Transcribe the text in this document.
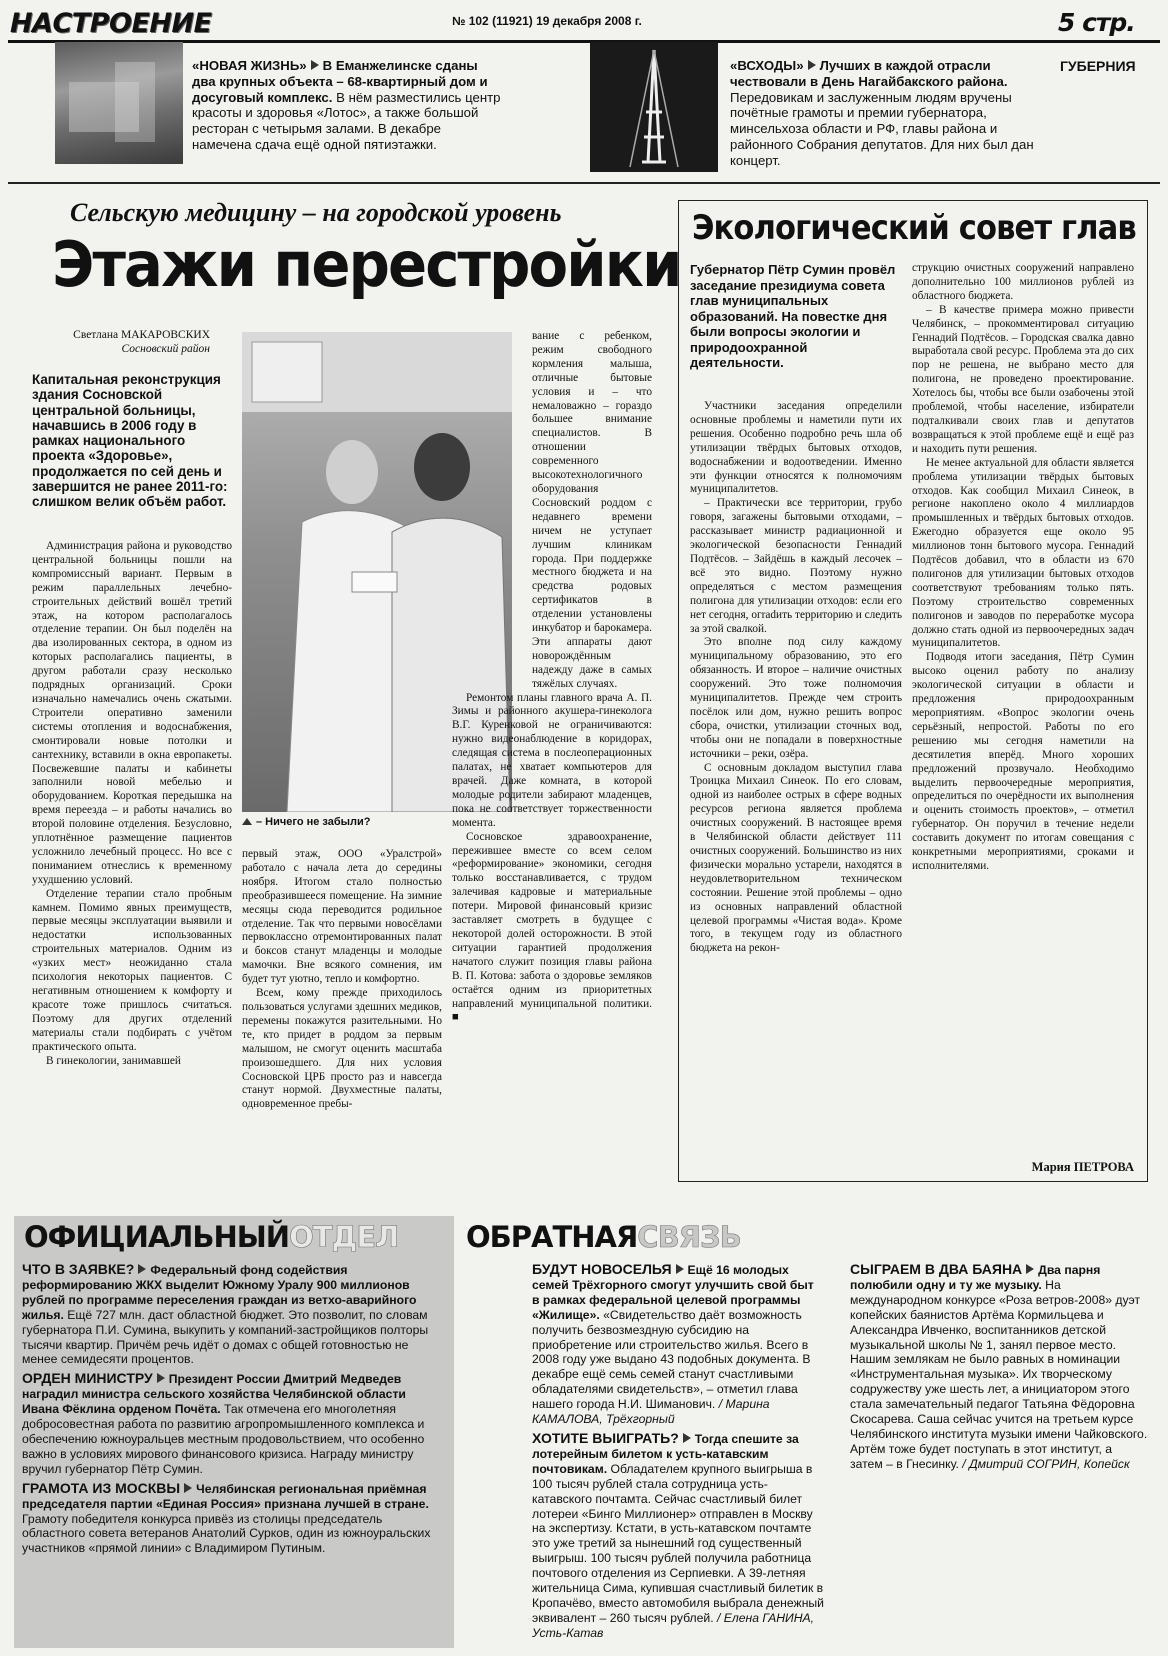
НАСТРОЕНИЕ	№ 102 (11921) 19 декабря 2008 г.	5 стр.
ГУБЕРНИЯ
«НОВАЯ ЖИЗНЬ» В Еманжелинске сданы два крупных объекта – 68-квартирный дом и досуговый комплекс. В нём разместились центр красоты и здоровья «Лотос», а также большой ресторан с четырьмя залами. В декабре намечена сдача ещё одной пятиэтажки.
«ВСХОДЫ» Лучших в каждой отрасли чествовали в День Нагайбакского района. Передовикам и заслуженным людям вручены почётные грамоты и премии губернатора, минсельхоза области и РФ, главы района и районного Собрания депутатов. Для них был дан концерт.
Сельскую медицину – на городской уровень
Этажи перестройки
Светлана МАКАРОВСКИХ
Сосновский район
Капитальная реконструкция здания Сосновской центральной больницы, начавшись в 2006 году в рамках национального проекта «Здоровье», продолжается по сей день и завершится не ранее 2011-го: слишком велик объём работ.
– Ничего не забыли?

Администрация района и руководство центральной больницы пошли на компромиссный вариант. Первым в режим параллельных лечебно-строительных действий вошёл третий этаж, на котором располагалось отделение терапии. Он был поделён на два изолированных сектора, в одном из которых располагались пациенты, в другом работали сразу несколько подрядных организаций. Сроки изначально намечались очень сжатыми. Строители оперативно заменили системы отопления и водоснабжения, смонтировали новые потолки и сантехнику, вставили в окна европакеты. Посвежевшие палаты и кабинеты заполнили новой мебелью и оборудованием. Короткая передышка на время переезда – и работы начались во второй половине отделения. Безусловно, уплотнённое размещение пациентов усложнило лечебный процесс. Но все с пониманием отнеслись к временному ухудшению условий.

Отделение терапии стало пробным камнем. Помимо явных преимуществ, первые месяцы эксплуатации выявили и недостатки использованных строительных материалов. Одним из «узких мест» неожиданно стала психология некоторых пациентов. С негативным отношением к комфорту и красоте тоже пришлось считаться. Поэтому для других отделений материалы стали подбирать с учётом практического опыта.

В гинекологии, занимавшей

первый этаж, ООО «Уралстрой» работало с начала лета до середины ноября. Итогом стало полностью преобразившееся помещение. На зимние месяцы сюда переводится родильное отделение. Так что первыми новосёлами первоклассно отремонтированных палат и боксов станут младенцы и молодые мамочки. Вне всякого сомнения, им будет тут уютно, тепло и комфортно.

Всем, кому прежде приходилось пользоваться услугами здешних медиков, перемены покажутся разительными. Но те, кто придет в роддом за первым малышом, не смогут оценить масштаба произошедшего. Для них условия Сосновской ЦРБ просто раз и навсегда станут нормой. Двухместные палаты, одновременное пребы-

вание с ребенком, режим свободного кормления малыша, отличные бытовые условия и – что немаловажно – гораздо большее внимание специалистов. В отношении современного высокотехнологичного оборудования Сосновский роддом с недавнего времени ничем не уступает лучшим клиникам города. При поддержке местного бюджета и на средства родовых сертификатов в отделении установлены инкубатор и барокамера. Эти аппараты дают новорождённым надежду даже в самых тяжёлых случаях.

Ремонтом планы главного врача А. П. Зимы и районного акушера-гинеколога В.Г. Куренковой не ограничиваются: нужно видеонаблюдение в коридорах, следящая система в послеоперационных палатах, не хватает компьютеров для врачей. Даже комната, в которой молодые родители забирают младенцев, пока не соответствует торжественности момента.

Сосновское здравоохранение, пережившее вместе со всем селом «реформирование» экономики, сегодня только восстанавливается, с трудом залечивая кадровые и материальные потери. Мировой финансовый кризис заставляет смотреть в будущее с некоторой долей осторожности. В этой ситуации гарантией продолжения начатого служит позиция главы района В. П. Котова: забота о здоровье земляков остаётся одним из приоритетных направлений муниципальной политики. ■

Экологический совет глав
Губернатор Пётр Сумин провёл заседание президиума совета глав муниципальных образований. На повестке дня были вопросы экологии и природоохранной деятельности.

Участники заседания определили основные проблемы и наметили пути их решения. Особенно подробно речь шла об утилизации твёрдых бытовых отходов, водоснабжении и водоотведении. Именно эти функции относятся к полномочиям муниципалитетов.

– Практически все территории, грубо говоря, загажены бытовыми отходами, – рассказывает министр радиационной и экологической безопасности Геннадий Подтёсов. – Зайдёшь в каждый лесочек – всё это видно. Поэтому нужно определяться с местом размещения полигона для утилизации отходов: если его нет сегодня, огradить территорию и следить за этой свалкой.

Это вполне под силу каждому муниципальному образованию, это его обязанность. И второе – наличие очистных сооружений. Это тоже полномочия муниципалитетов. Прежде чем строить посёлок или дом, нужно решить вопрос сбора, очистки, утилизации сточных вод, чтобы они не попадали в поверхностные источники – реки, озёра.

С основным докладом выступил глава Троицка Михаил Синеок. По его словам, одной из наиболее острых в сфере водных ресурсов региона является проблема очистных сооружений. В настоящее время в Челябинской области действует 111 очистных сооружений. Большинство из них физически морально устарели, находятся в неудовлетворительном техническом состоянии. Решение этой проблемы – одно из основных направлений областной целевой программы «Чистая вода». Кроме того, в текущем году из областного бюджета на рекон-

струкцию очистных сооружений направлено дополнительно 100 миллионов рублей из областного бюджета.

– В качестве примера можно привести Челябинск, – прокомментировал ситуацию Геннадий Подтёсов. – Городская свалка давно выработала свой ресурс. Проблема эта до сих пор не решена, не выбрано место для полигона, не проведено проектирование. Хотелось бы, чтобы все были озабочены этой проблемой, чтобы население, избиратели подталкивали своих глав и депутатов возвращаться к этой проблеме ещё и ещё раз и находить пути решения.

Не менее актуальной для области является проблема утилизации твёрдых бытовых отходов. Как сообщил Михаил Синеок, в регионе накоплено около 4 миллиардов промышленных и твёрдых бытовых отходов. Ежегодно образуется еще около 95 миллионов тонн бытового мусора. Геннадий Подтёсов добавил, что в области из 670 полигонов для утилизации бытовых отходов соответствуют требованиям только пять. Поэтому строительство современных полигонов и заводов по переработке мусора должно стать одной из первоочередных задач муниципалитетов.

Подводя итоги заседания, Пётр Сумин высоко оценил работу по анализу экологической ситуации в области и предложения природоохранным мероприятиям. «Вопрос экологии очень серьёзный, непростой. Работы по его решению мы сегодня наметили на десятилетия вперёд. Много хороших предложений прозвучало. Необходимо выделить первоочередные мероприятия, определиться по очерёдности их выполнения и оценить стоимость проектов», – отметил губернатор. Он поручил в течение недели составить документ по итогам совещания с конкретными мероприятиями, сроками и исполнителями.

Мария ПЕТРОВА
ОФИЦИАЛЬНЫЙОТДЕЛ

ЧТО В ЗАЯВКЕ? Федеральный фонд содействия реформированию ЖКХ выделит Южному Уралу 900 миллионов рублей по программе переселения граждан из ветхо-аварийного жилья. Ещё 727 млн. даст областной бюджет. Это позволит, по словам губернатора П.И. Сумина, выкупить у компаний-застройщиков полторы тысячи квартир. Причём речь идёт о домах с общей готовностью не менее семидесяти процентов.

ОРДЕН МИНИСТРУ Президент России Дмитрий Медведев наградил министра сельского хозяйства Челябинской области Ивана Фёклина орденом Почёта. Так отмечена его многолетняя добросовестная работа по развитию агропромышленного комплекса и обеспечению южноуральцев местным продовольствием, что особенно важно в условиях мирового финансового кризиса. Награду министру вручил губернатор Пётр Сумин.

ГРАМОТА ИЗ МОСКВЫ Челябинская региональная приёмная председателя партии «Единая Россия» признана лучшей в стране. Грамоту победителя конкурса привёз из столицы председатель областного совета ветеранов Анатолий Сурков, один из южноуральских участников «прямой линии» с Владимиром Путиным.

ОБРАТНАЯСВЯЗЬ

БУДУТ НОВОСЕЛЬЯ Ещё 16 молодых семей Трёхгорного смогут улучшить свой быт в рамках федеральной целевой программы «Жилище». «Свидетельство даёт возможность получить безвозмездную субсидию на приобретение или строительство жилья. Всего в 2008 году уже выдано 43 подобных документа. В декабре ещё семь семей станут счастливыми обладателями свидетельств», – отметил глава нашего города Н.И. Шиманович. / Марина КАМАЛОВА, Трёхгорный

ХОТИТЕ ВЫИГРАТЬ? Тогда спешите за лотерейным билетом к усть-катавским почтовикам. Обладателем крупного выигрыша в 100 тысяч рублей стала сотрудница усть-катавского почтамта. Сейчас счастливый билет лотереи «Бинго Миллионер» отправлен в Москву на экспертизу. Кстати, в усть-катавском почтамте это уже третий за нынешний год существенный выигрыш. 100 тысяч рублей получила работница почтового отделения из Серпиевки. А 39-летняя жительница Сима, купившая счастливый билетик в Кропачёво, вместо автомобиля выбрала денежный эквивалент – 260 тысяч рублей. / Елена ГАНИНА, Усть-Катав

СЫГРАЕМ В ДВА БАЯНА Два парня полюбили одну и ту же музыку. На международном конкурсе «Роза ветров-2008» дуэт копейских баянистов Артёма Кормильцева и Александра Ивченко, воспитанников детской музыкальной школы № 1, занял первое место. Нашим землякам не было равных в номинации «Инструментальная музыка». Их творческому содружеству уже шесть лет, а инициатором этого стала замечательный педагог Татьяна Фёдоровна Скосарева. Саша сейчас учится на третьем курсе Челябинского института музыки имени Чайковского. Артём тоже будет поступать в этот институт, а затем – в Гнесинку. / Дмитрий СОГРИН, Копейск
